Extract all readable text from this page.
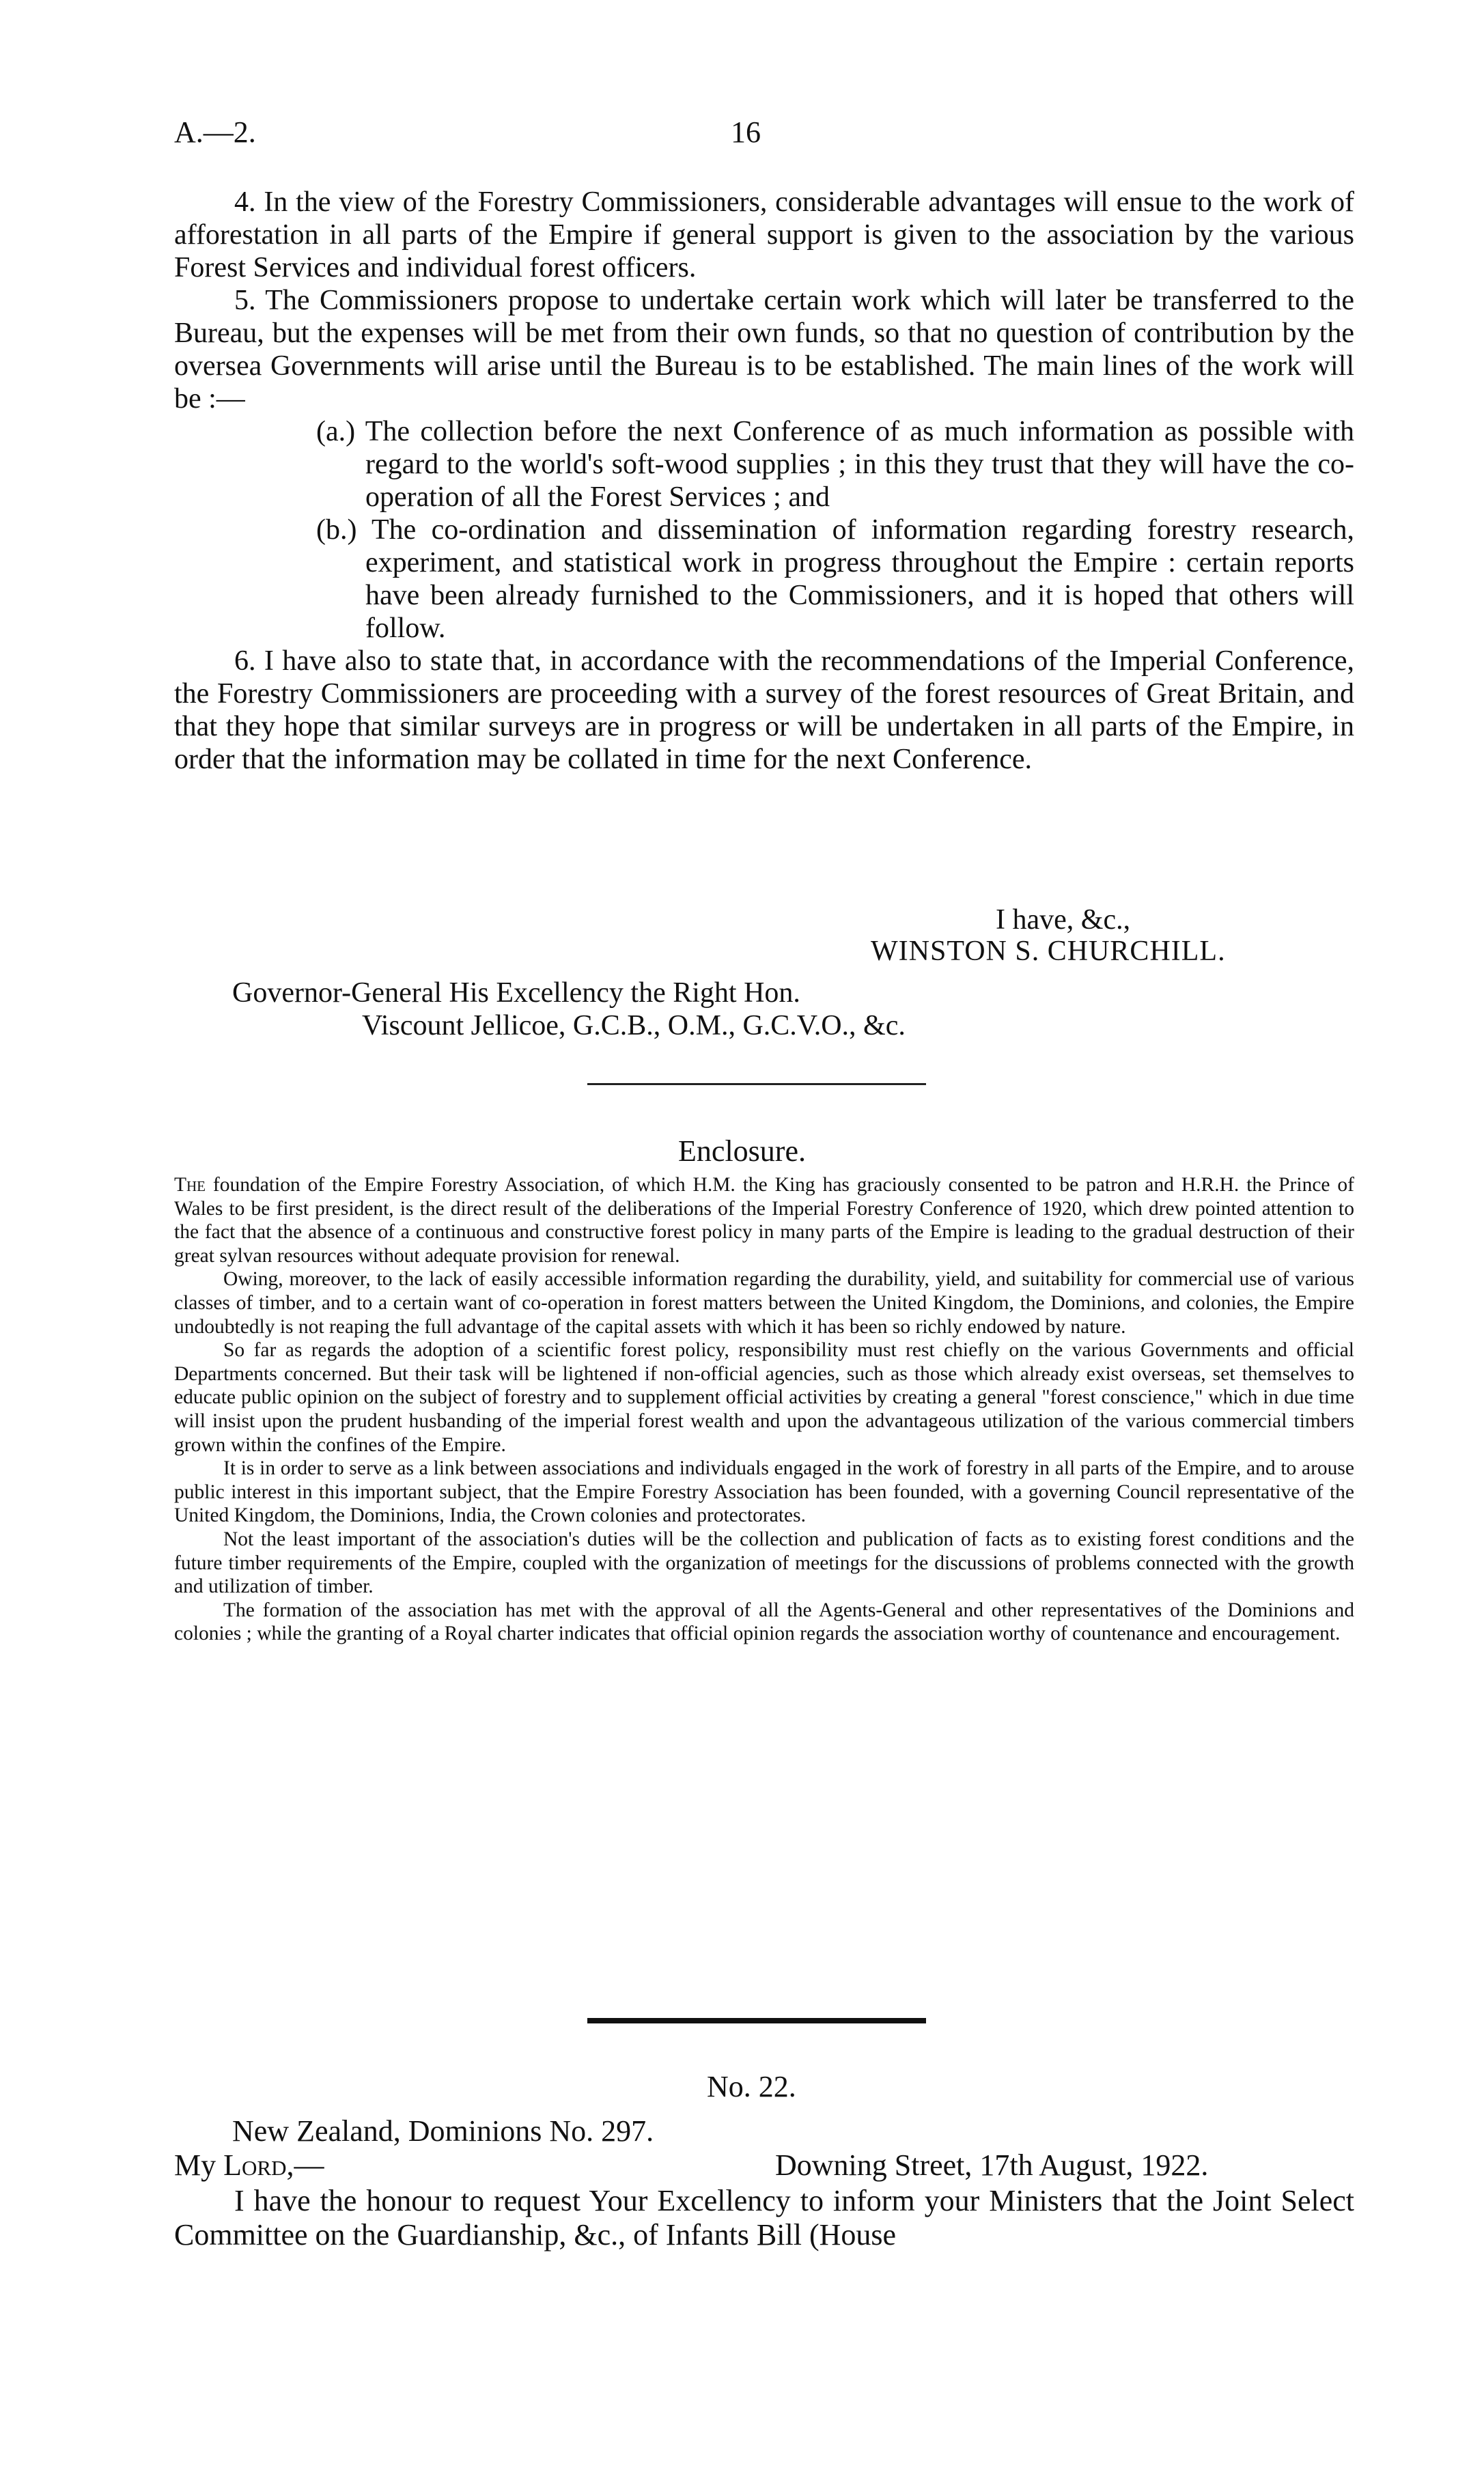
A.—2.	16

4. In the view of the Forestry Commissioners, considerable advantages will ensue to the work of afforestation in all parts of the Empire if general support is given to the association by the various Forest Services and individual forest officers.

5. The Commissioners propose to undertake certain work which will later be transferred to the Bureau, but the expenses will be met from their own funds, so that no question of contribution by the oversea Governments will arise until the Bureau is to be established. The main lines of the work will be :—

(a.) The collection before the next Conference of as much information as possible with regard to the world's soft-wood supplies ; in this they trust that they will have the co-operation of all the Forest Services ; and

(b.) The co-ordination and dissemination of information regarding forestry research, experiment, and statistical work in progress throughout the Empire : certain reports have been already furnished to the Commissioners, and it is hoped that others will follow.

6. I have also to state that, in accordance with the recommendations of the Imperial Conference, the Forestry Commissioners are proceeding with a survey of the forest resources of Great Britain, and that they hope that similar surveys are in progress or will be undertaken in all parts of the Empire, in order that the information may be collated in time for the next Conference.

I have, &c.,
WINSTON S. CHURCHILL.
Governor-General His Excellency the Right Hon.
Viscount Jellicoe, G.C.B., O.M., G.C.V.O., &c.
Enclosure.

The foundation of the Empire Forestry Association, of which H.M. the King has graciously consented to be patron and H.R.H. the Prince of Wales to be first president, is the direct result of the deliberations of the Imperial Forestry Conference of 1920, which drew pointed attention to the fact that the absence of a continuous and constructive forest policy in many parts of the Empire is leading to the gradual destruction of their great sylvan resources without adequate provision for renewal.

Owing, moreover, to the lack of easily accessible information regarding the durability, yield, and suitability for commercial use of various classes of timber, and to a certain want of co-operation in forest matters between the United Kingdom, the Dominions, and colonies, the Empire undoubtedly is not reaping the full advantage of the capital assets with which it has been so richly endowed by nature.

So far as regards the adoption of a scientific forest policy, responsibility must rest chiefly on the various Governments and official Departments concerned. But their task will be lightened if non-official agencies, such as those which already exist overseas, set themselves to educate public opinion on the subject of forestry and to supplement official activities by creating a general "forest conscience," which in due time will insist upon the prudent husbanding of the imperial forest wealth and upon the advantageous utilization of the various commercial timbers grown within the confines of the Empire.

It is in order to serve as a link between associations and individuals engaged in the work of forestry in all parts of the Empire, and to arouse public interest in this important subject, that the Empire Forestry Association has been founded, with a governing Council representative of the United Kingdom, the Dominions, India, the Crown colonies and protectorates.

Not the least important of the association's duties will be the collection and publication of facts as to existing forest conditions and the future timber requirements of the Empire, coupled with the organization of meetings for the discussions of problems connected with the growth and utilization of timber.

The formation of the association has met with the approval of all the Agents-General and other representatives of the Dominions and colonies ; while the granting of a Royal charter indicates that official opinion regards the association worthy of countenance and encouragement.

No. 22.
New Zealand, Dominions No. 297.
My Lord,—	Downing Street, 17th August, 1922.

I have the honour to request Your Excellency to inform your Ministers that the Joint Select Committee on the Guardianship, &c., of Infants Bill (House
